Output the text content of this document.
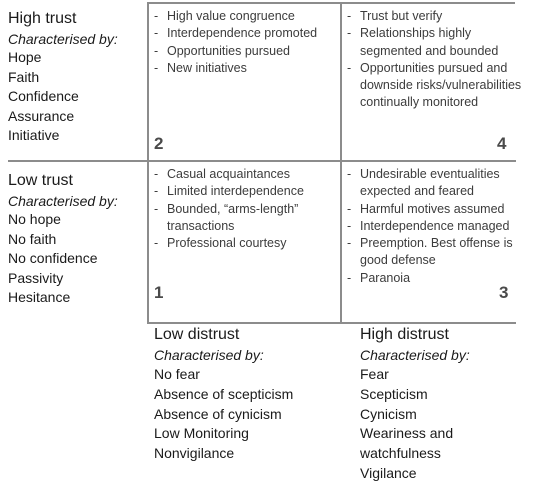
High trust
Characterised by:
Hope
Faith
Confidence
Assurance
Initiative
Low trust
Characterised by:
No hope
No faith
No confidence
Passivity
Hesitance
- High value congruence
- Interdependence promoted
- Opportunities pursued
- New initiatives
2
- Trust but verify
- Relationships highly segmented and bounded
- Opportunities pursued and downside risks/vulnerabilities continually monitored
4
- Casual acquaintances
- Limited interdependence
- Bounded, “arms-length” transactions
- Professional courtesy
1
- Undesirable eventualities expected and feared
- Harmful motives assumed
- Interdependence managed
- Preemption. Best offense is good defense
- Paranoia
3
Low distrust
Characterised by:
No fear
Absence of scepticism
Absence of cynicism
Low Monitoring
Nonvigilance
High distrust
Characterised by:
Fear
Scepticism
Cynicism
Weariness and watchfulness
Vigilance
